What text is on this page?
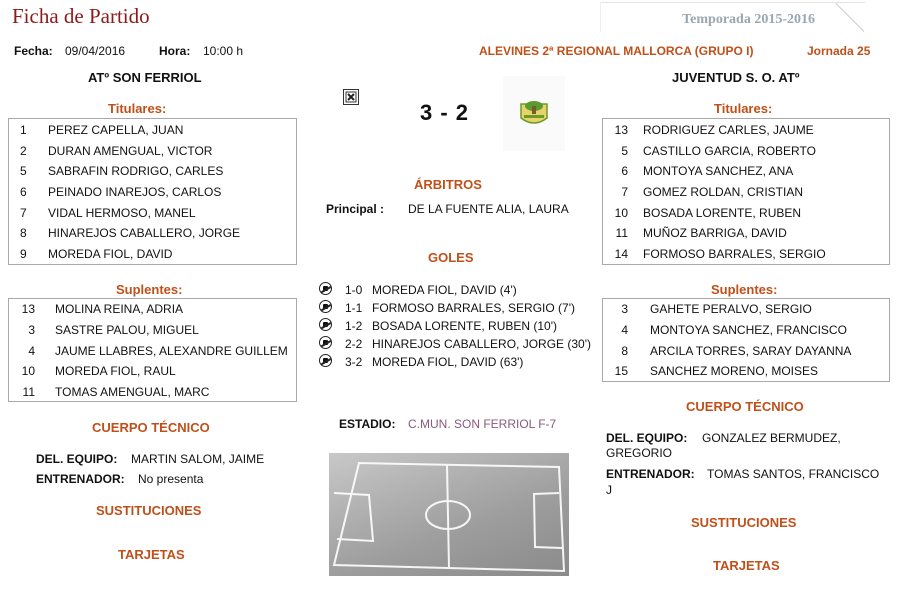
Ficha de Partido	Temporada 2015-2016
Fecha: 09/04/2016	Hora: 10:00 h	ALEVINES 2ª REGIONAL MALLORCA (GRUPO I)	Jornada 25
ATº SON FERRIOL	JUVENTUD S. O. ATº
3 - 2
Titulares:
1 PEREZ CAPELLA, JUAN
2 DURAN AMENGUAL, VICTOR
5 SABRAFIN RODRIGO, CARLES
6 PEINADO INAREJOS, CARLOS
7 VIDAL HERMOSO, MANEL
8 HINAREJOS CABALLERO, JORGE
9 MOREDA FIOL, DAVID
Suplentes:
13 MOLINA REINA, ADRIA
3 SASTRE PALOU, MIGUEL
4 JAUME LLABRES, ALEXANDRE GUILLEM
10 MOREDA FIOL, RAUL
11 TOMAS AMENGUAL, MARC
CUERPO TÉCNICO
DEL. EQUIPO: MARTIN SALOM, JAIME
ENTRENADOR: No presenta
SUSTITUCIONES
TARJETAS
ÁRBITROS
Principal : DE LA FUENTE ALIA, LAURA
GOLES
1-0 MOREDA FIOL, DAVID (4')
1-1 FORMOSO BARRALES, SERGIO (7')
1-2 BOSADA LORENTE, RUBEN (10')
2-2 HINAREJOS CABALLERO, JORGE (30')
3-2 MOREDA FIOL, DAVID (63')
ESTADIO: C.MUN. SON FERRIOL F-7
Titulares:
13 RODRIGUEZ CARLES, JAUME
5 CASTILLO GARCIA, ROBERTO
6 MONTOYA SANCHEZ, ANA
7 GOMEZ ROLDAN, CRISTIAN
10 BOSADA LORENTE, RUBEN
11 MUÑOZ BARRIGA, DAVID
14 FORMOSO BARRALES, SERGIO
Suplentes:
3 GAHETE PERALVO, SERGIO
4 MONTOYA SANCHEZ, FRANCISCO
8 ARCILA TORRES, SARAY DAYANNA
15 SANCHEZ MORENO, MOISES
CUERPO TÉCNICO
DEL. EQUIPO: GONZALEZ BERMUDEZ,
GREGORIO
ENTRENADOR: TOMAS SANTOS, FRANCISCO
J
SUSTITUCIONES
TARJETAS
